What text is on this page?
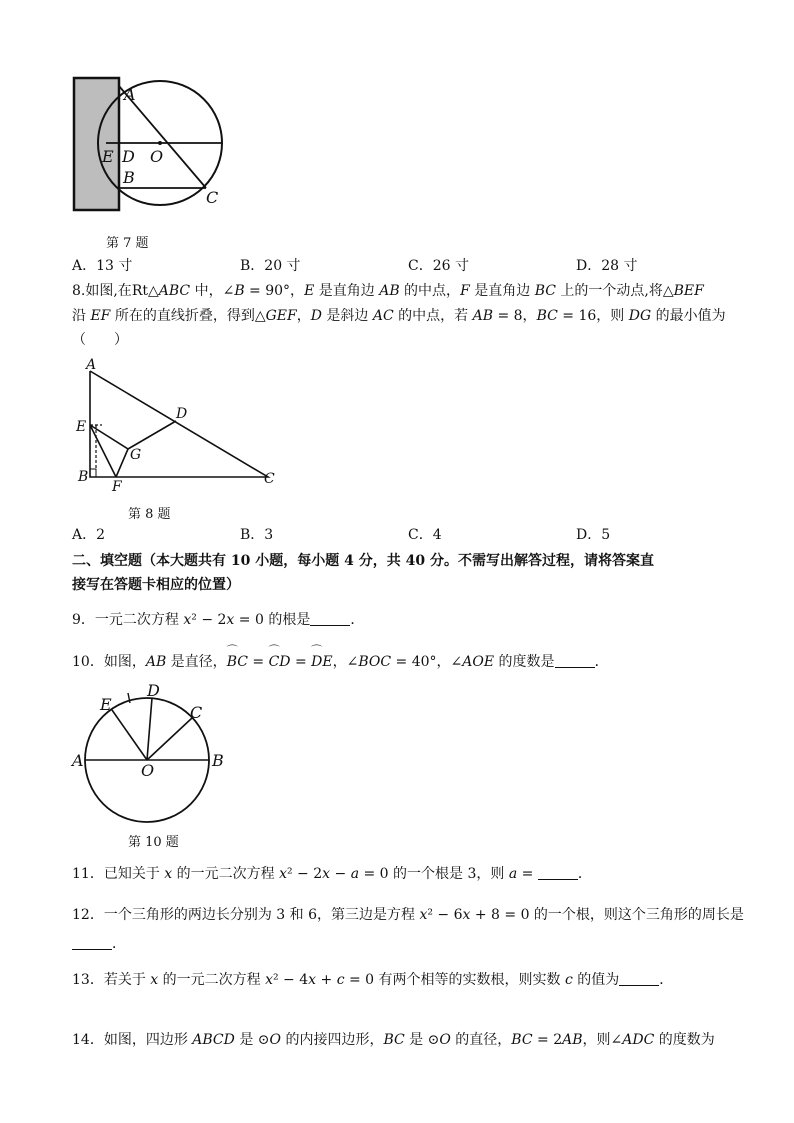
A
E D O
B
C
第 7 题
A．13 寸	B．20 寸	C．26 寸	D．28 寸
8.如图,在Rt△ABC 中，∠B = 90°，E 是直角边 AB 的中点，F 是直角边 BC 上的一个动点,将△BEF
沿 EF 所在的直线折叠，得到△GEF，D 是斜边 AC 的中点，若 AB = 8，BC = 16，则 DG 的最小值为
（　　）
A
E
B
F
G
D
C
第 8 题
A．2	B．3	C．4	D．5
二、填空题（本大题共有 10 小题，每小题 4 分，共 40 分。不需写出解答过程，请将答案直
接写在答题卡相应的位置）
9．一元二次方程 x² − 2x = 0 的根是	．
10．如图，AB 是直径，⌒ BC = ⌒ CD = ⌒ DE，∠BOC = 40°，∠AOE 的度数是	．
E
D
C
A
O
B
第 10 题
11．已知关于 x 的一元二次方程 x² − 2x − a = 0 的一个根是 3，则 a =	．
12．一个三角形的两边长分别为 3 和 6，第三边是方程 x² − 6x + 8 = 0 的一个根，则这个三角形的周长是
．
13．若关于 x 的一元二次方程 x² − 4x + c = 0 有两个相等的实数根，则实数 c 的值为	．
14．如图，四边形 ABCD 是 ⊙O 的内接四边形，BC 是 ⊙O 的直径，BC = 2AB，则∠ADC 的度数为
